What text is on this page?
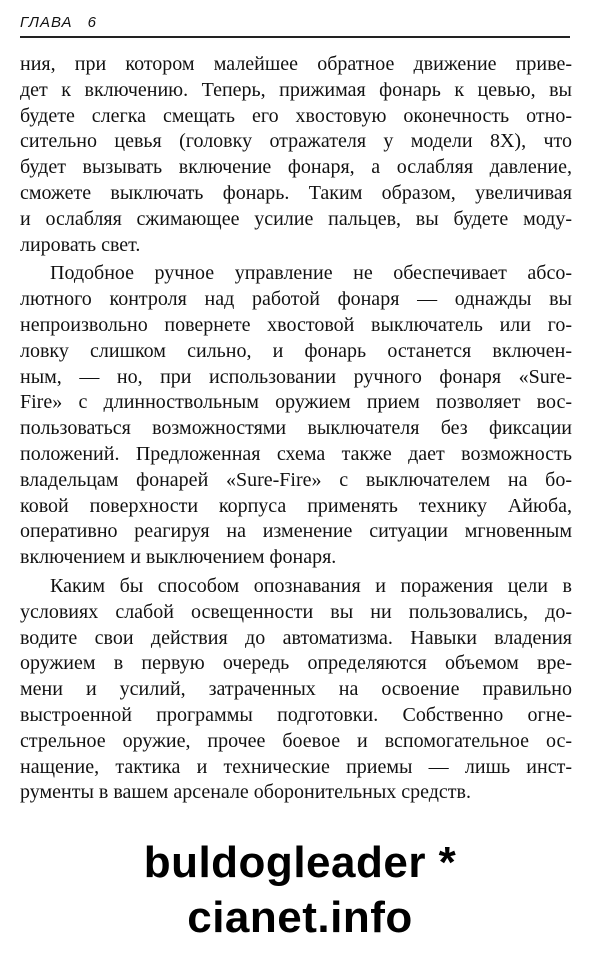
ГЛАВА 6
ния, при котором малейшее обратное движение приве-
дет к включению. Теперь, прижимая фонарь к цевью, вы
будете слегка смещать его хвостовую оконечность отно-
сительно цевья (головку отражателя у модели 8X), что
будет вызывать включение фонаря, а ослабляя давление,
сможете выключать фонарь. Таким образом, увеличивая
и ослабляя сжимающее усилие пальцев, вы будете моду-
лировать свет.
Подобное ручное управление не обеспечивает абсо-
лютного контроля над работой фонаря — однажды вы
непроизвольно повернете хвостовой выключатель или го-
ловку слишком сильно, и фонарь останется включен-
ным, — но, при использовании ручного фонаря «Sure-
Fire» с длинноствольным оружием прием позволяет вос-
пользоваться возможностями выключателя без фиксации
положений. Предложенная схема также дает возможность
владельцам фонарей «Sure-Fire» с выключателем на бо-
ковой поверхности корпуса применять технику Айюба,
оперативно реагируя на изменение ситуации мгновенным
включением и выключением фонаря.
Каким бы способом опознавания и поражения цели в
условиях слабой освещенности вы ни пользовались, до-
водите свои действия до автоматизма. Навыки владения
оружием в первую очередь определяются объемом вре-
мени и усилий, затраченных на освоение правильно
выстроенной программы подготовки. Собственно огне-
стрельное оружие, прочее боевое и вспомогательное ос-
нащение, тактика и технические приемы — лишь инст-
рументы в вашем арсенале оборонительных средств.
buldogleader *
cianet.info
